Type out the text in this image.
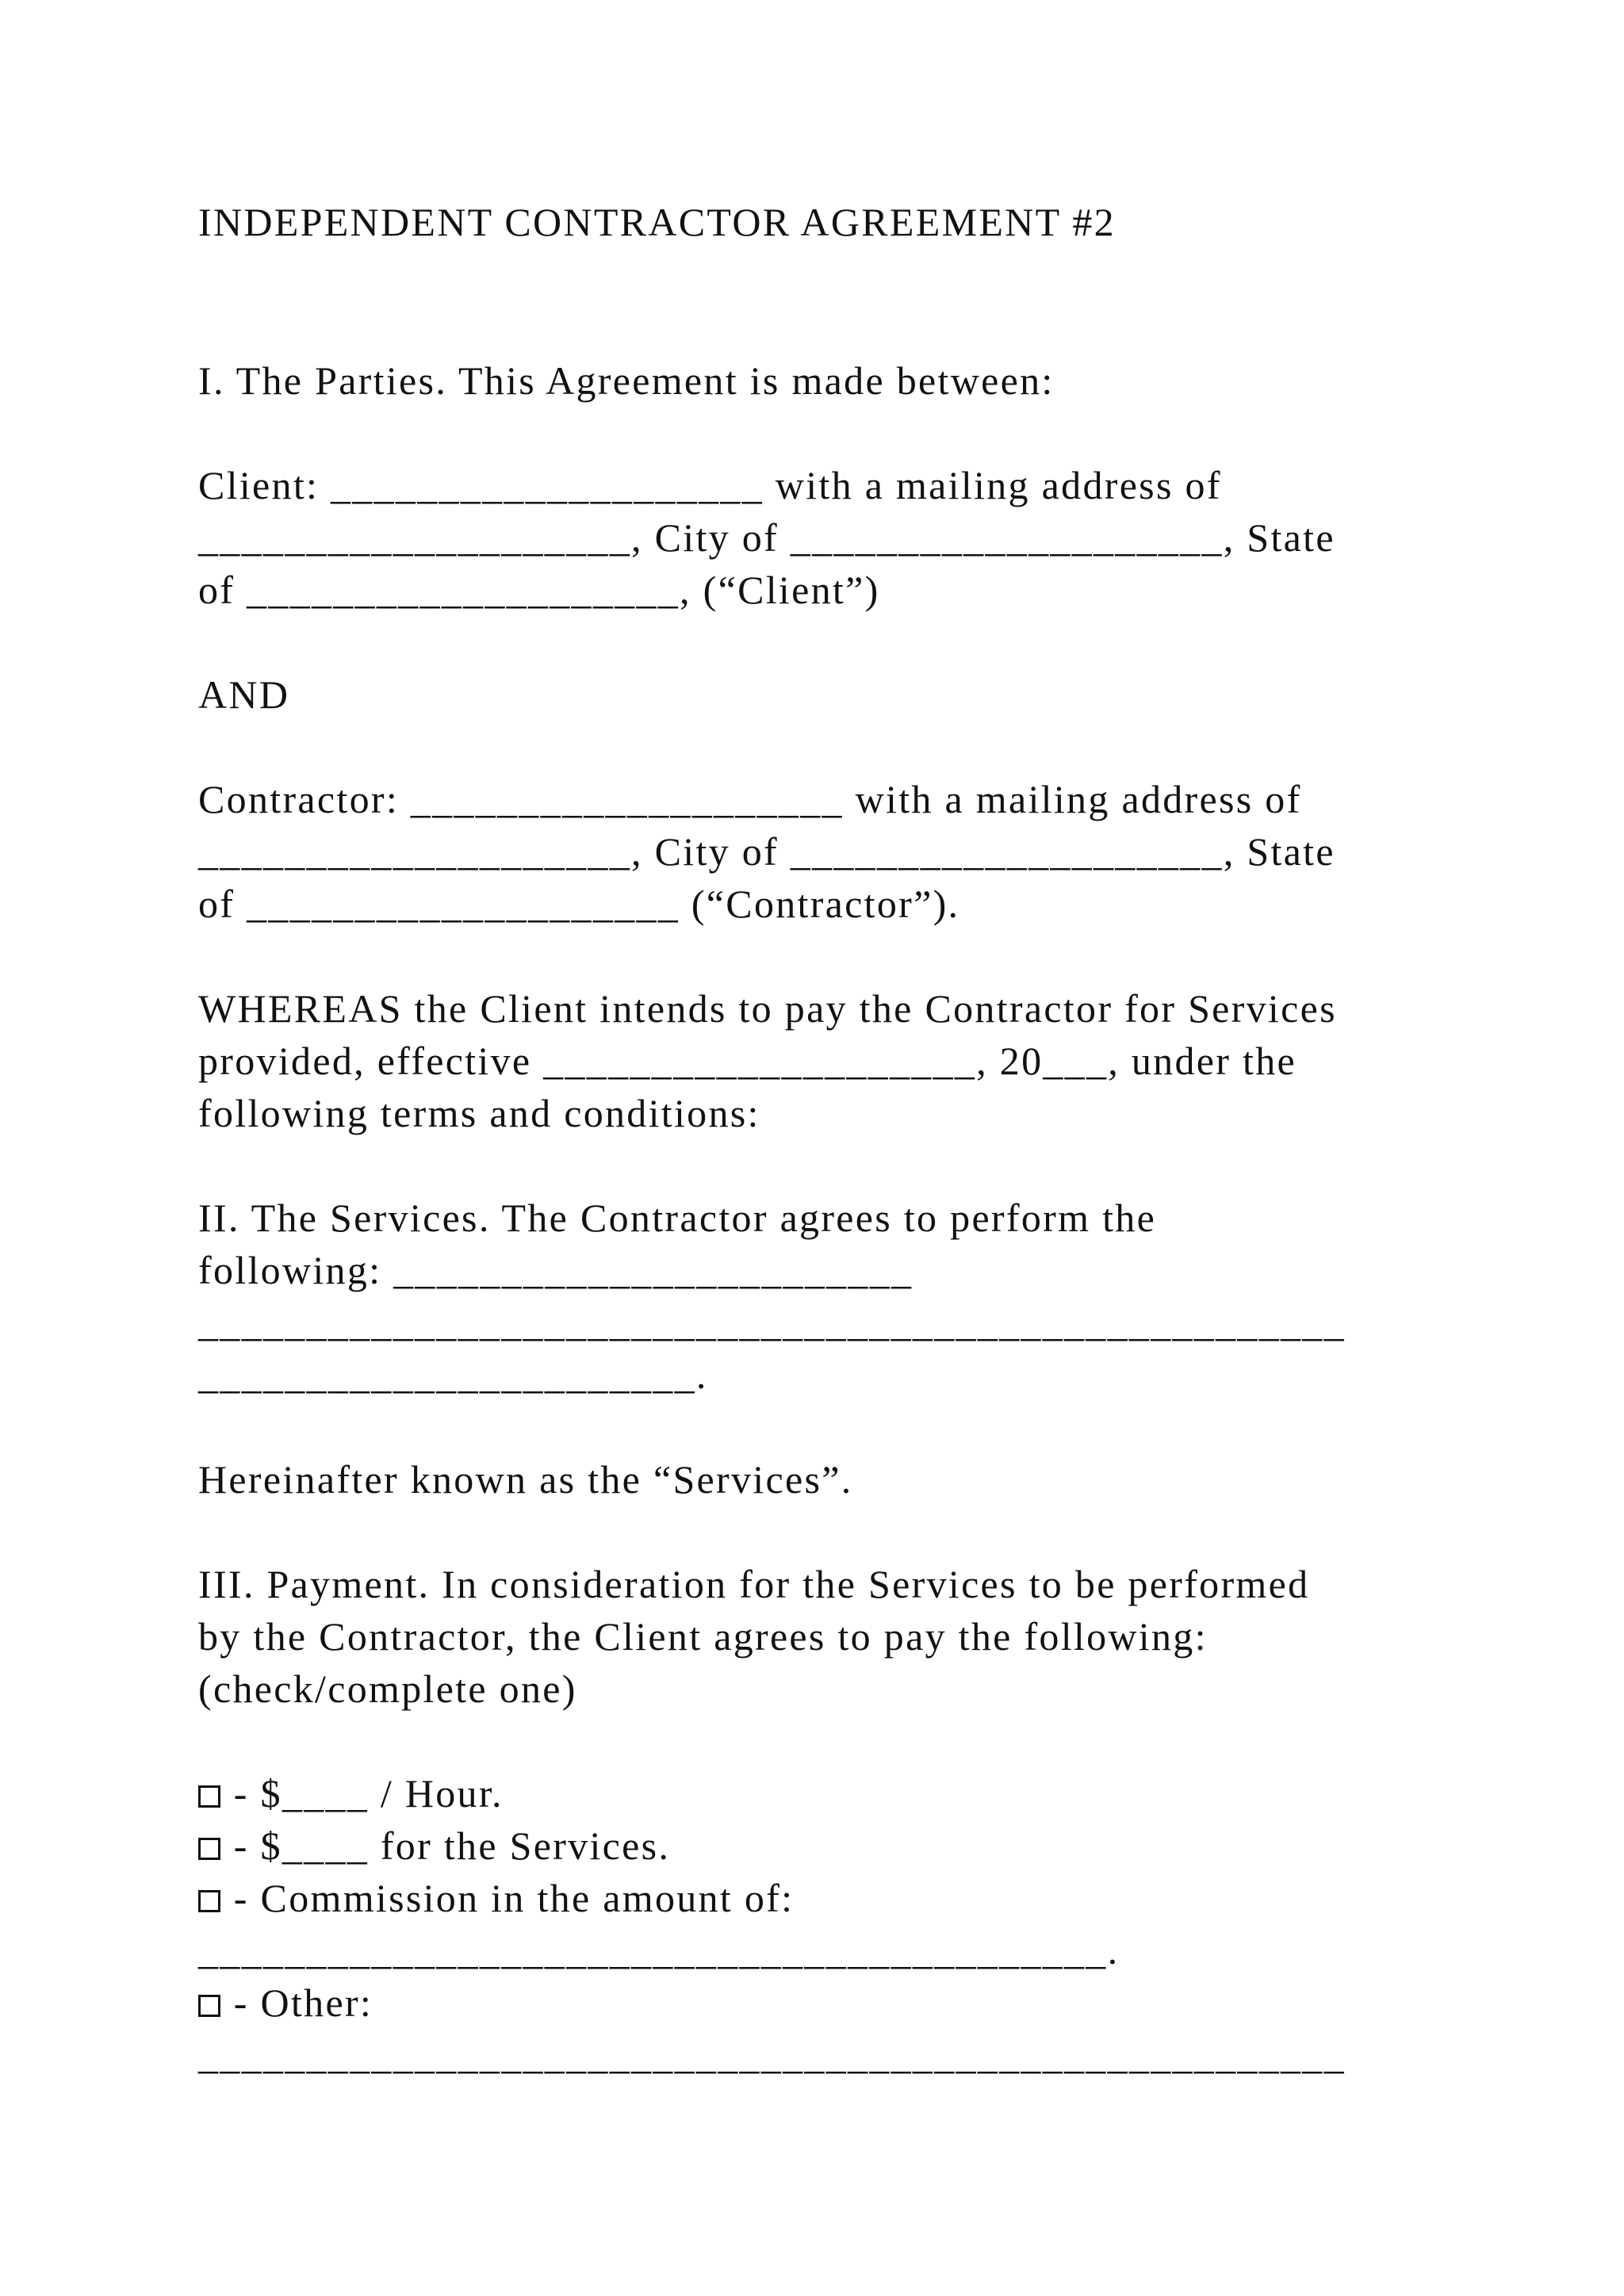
INDEPENDENT CONTRACTOR AGREEMENT #2

I. The Parties. This Agreement is made between:

Client: ____________________ with a mailing address of

____________________, City of ____________________, State

of ____________________, (“Client”)

AND

Contractor: ____________________ with a mailing address of

____________________, City of ____________________, State

of ____________________ (“Contractor”).

WHEREAS the Client intends to pay the Contractor for Services

provided, effective ____________________, 20___, under the

following terms and conditions:

II. The Services. The Contractor agrees to perform the

following: ________________________

_____________________________________________________

_______________________.

Hereinafter known as the “Services”.

III. Payment. In consideration for the Services to be performed

by the Contractor, the Client agrees to pay the following:

(check/complete one)

- $____ / Hour.

- $____ for the Services.

- Commission in the amount of:

__________________________________________.

- Other:

_____________________________________________________
